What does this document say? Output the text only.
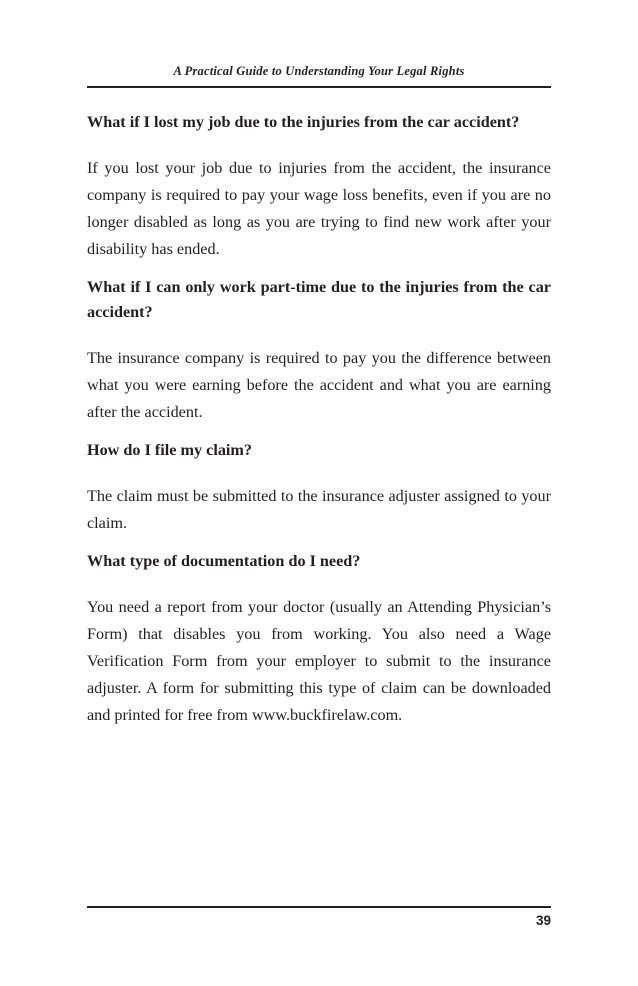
A Practical Guide to Understanding Your Legal Rights

What if I lost my job due to the injuries from the car accident?

If you lost your job due to injuries from the accident, the insurance company is required to pay your wage loss benefits, even if you are no longer disabled as long as you are trying to find new work after your disability has ended.

What if I can only work part-time due to the injuries from the car accident?

The insurance company is required to pay you the difference between what you were earning before the accident and what you are earning after the accident.

How do I file my claim?

The claim must be submitted to the insurance adjuster assigned to your claim.

What type of documentation do I need?

You need a report from your doctor (usually an Attending Physician’s Form) that disables you from working. You also need a Wage Verification Form from your employer to submit to the insurance adjuster. A form for submitting this type of claim can be downloaded and printed for free from www.buckfirelaw.com.

39
